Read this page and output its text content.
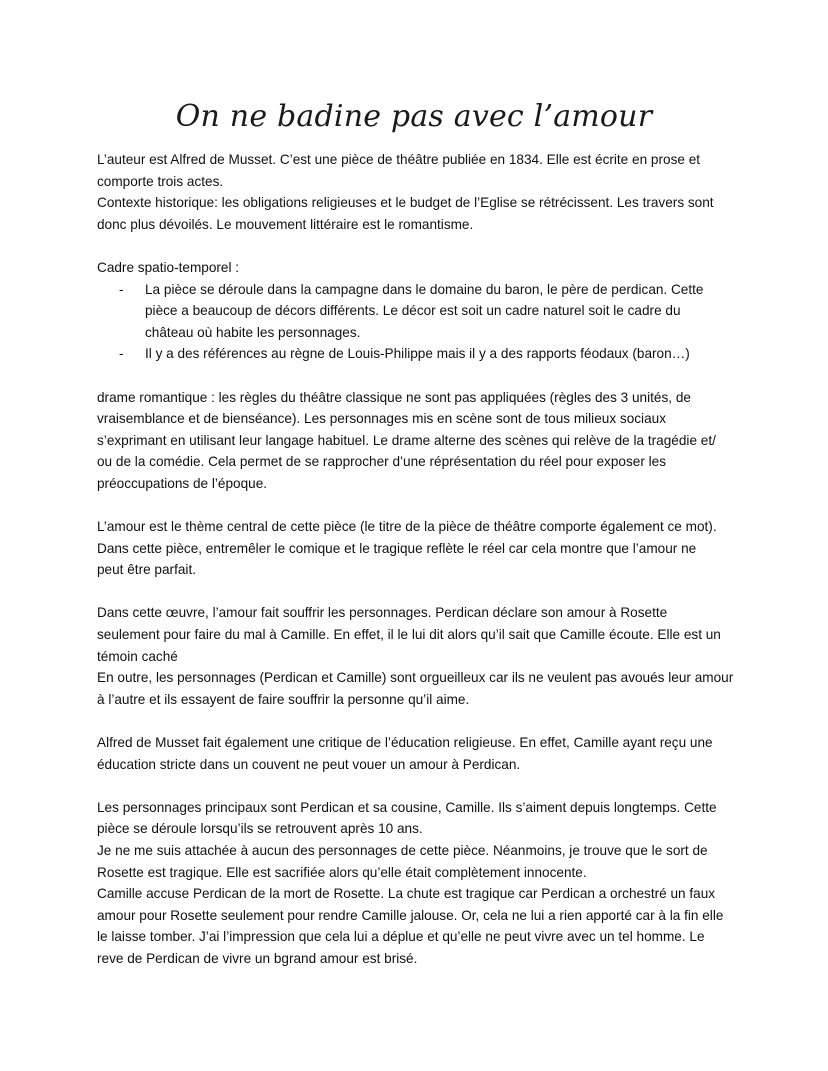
On ne badine pas avec l’amour
L’auteur est Alfred de Musset. C’est une pièce de théâtre publiée en 1834. Elle est écrite en prose et
comporte trois actes.
Contexte historique: les obligations religieuses et le budget de l’Eglise se rétrécissent. Les travers sont
donc plus dévoilés. Le mouvement littéraire est le romantisme.
Cadre spatio-temporel :
-	La pièce se déroule dans la campagne dans le domaine du baron, le père de perdican. Cette
pièce a beaucoup de décors différents. Le décor est soit un cadre naturel soit le cadre du
château où habite les personnages.
-	Il y a des références au règne de Louis-Philippe mais il y a des rapports féodaux (baron…)
drame romantique : les règles du théâtre classique ne sont pas appliquées (règles des 3 unités, de
vraisemblance et de bienséance). Les personnages mis en scène sont de tous milieux sociaux
s’exprimant en utilisant leur langage habituel. Le drame alterne des scènes qui relève de la tragédie et/
ou de la comédie. Cela permet de se rapprocher d’une réprésentation du réel pour exposer les
préoccupations de l’époque.
L’amour est le thème central de cette pièce (le titre de la pièce de théâtre comporte également ce mot).
Dans cette pièce, entremêler le comique et le tragique reflète le réel car cela montre que l’amour ne
peut être parfait.
Dans cette œuvre, l’amour fait souffrir les personnages. Perdican déclare son amour à Rosette
seulement pour faire du mal à Camille. En effet, il le lui dit alors qu’il sait que Camille écoute. Elle est un
témoin caché
En outre, les personnages (Perdican et Camille) sont orgueilleux car ils ne veulent pas avoués leur amour
à l’autre et ils essayent de faire souffrir la personne qu’il aime.
Alfred de Musset fait également une critique de l’éducation religieuse. En effet, Camille ayant reçu une
éducation stricte dans un couvent ne peut vouer un amour à Perdican.
Les personnages principaux sont Perdican et sa cousine, Camille. Ils s’aiment depuis longtemps. Cette
pièce se déroule lorsqu’ils se retrouvent après 10 ans.
Je ne me suis attachée à aucun des personnages de cette pièce. Néanmoins, je trouve que le sort de
Rosette est tragique. Elle est sacrifiée alors qu’elle était complètement innocente.
Camille accuse Perdican de la mort de Rosette. La chute est tragique car Perdican a orchestré un faux
amour pour Rosette seulement pour rendre Camille jalouse. Or, cela ne lui a rien apporté car à la fin elle
le laisse tomber. J’ai l’impression que cela lui a déplue et qu’elle ne peut vivre avec un tel homme. Le
reve de Perdican de vivre un bgrand amour est brisé.
